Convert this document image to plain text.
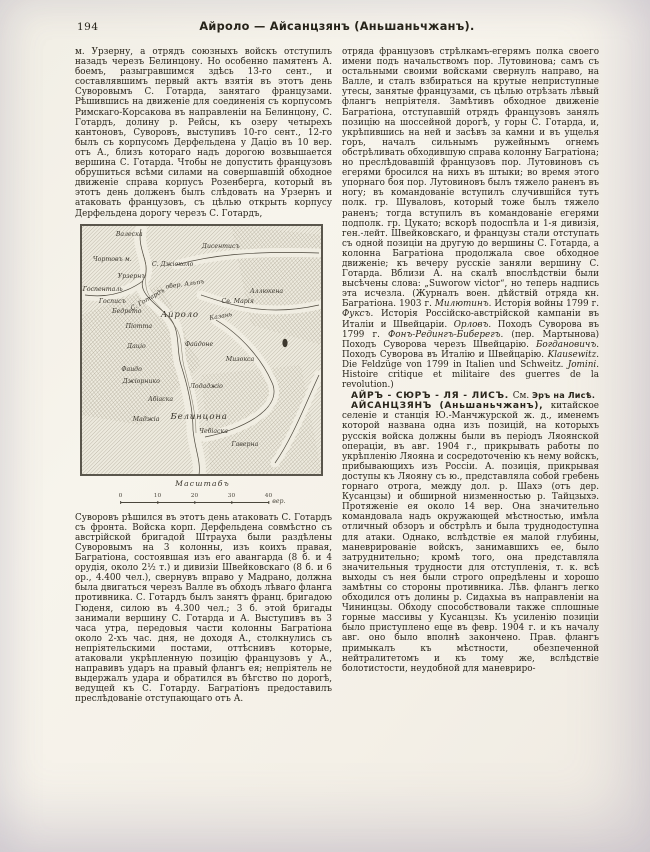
194	Айроло — Айсанцзянъ (Аньшаньчжанъ).

м. Урзерну, а отрядъ союзныхъ войскъ отступилъ назадъ черезъ Белинцону. Но особенно памятенъ А. боемъ, разыгравшимся здѣсь 13-го сент., и составлявшимъ первый актъ взятія въ этотъ день Суворовымъ С. Готарда, занятаго французами. Рѣшившись на движеніе для соединенія съ корпусомъ Римскаго-Корсакова въ направленіи на Белинцону, С. Готардъ, долину р. Рейсы, къ озеру четырехъ кантоновъ, Суворовъ, выступивъ 10-го сент., 12-го былъ съ корпусомъ Дерфельдена у Даціо въ 10 вер. отъ А., близъ котораго надъ дорогою возвышается вершина С. Готарда. Чтобы не допустить французовъ обрушиться всѣми силами на совершавшій обходное движеніе справа корпусъ Розенберга, который въ этотъ день долженъ былъ слѣдовать на Урзернъ и атаковать французовъ, съ цѣлью открыть корпусу Дерфельдена дорогу черезъ С. Готардъ,

Валеска
Дисентисъ
Чортовъ м.
С. Джіоколо
Урзернъ
обер. Альпъ
Госпенталь
Госписъ С. Готардъ	Аллюкена
Св. Марія
Бедрето Айроло Казань
Піотта
Файдоне
Даціо
Мизокса
Фаидо
Джіорнико
Лодаджіо
Абіаска
Маджіа Белинцона
Чебіаска
Гаверна
Масштабъ
0	10	20	30	40
вер.

Суворовъ рѣшился въ этотъ день атаковать С. Готардъ съ фронта. Войска корп. Дерфельдена совмѣстно съ австрійской бригадой Штрауха были раздѣлены Суворовымъ на 3 колонны, изъ коихъ правая, Багратіона, состоявшая изъ его авангарда (8 б. и 4 орудія, около 2½ т.) и дивизіи Швейковскаго (8 б. и 6 ор., 4.400 чел.), свернувъ вправо у Мадрано, должна была двигаться черезъ Валле въ обходъ лѣваго фланга противника. С. Готардъ былъ занятъ франц. бригадою Гюденя, силою въ 4.300 чел.; 3 б. этой бригады занимали вершину С. Готарда и А. Выступивъ въ 3 часа утра, передовыя части колонны Багратіона около 2-хъ час. дня, не доходя А., столкнулись съ непріятельскими постами, оттѣснивъ которые, атаковали укрѣпленную позицію французовъ у А., направивъ ударъ на правый флангъ ея; непріятель не выдержалъ удара и обратился въ бѣгство по дорогѣ, ведущей къ С. Готарду. Багратіонъ предоставилъ преслѣдованіе отступающаго отъ А.

отряда французовъ стрѣлкамъ-егерямъ полка своего имени подъ начальствомъ пор. Лутовинова; самъ съ остальными своими войсками свернулъ направо, на Валле, и сталъ взбираться на крутые неприступные утесы, занятые французами, съ цѣлью отрѣзать лѣвый флангъ непріятеля. Замѣтивъ обходное движеніе Багратіона, отступавшій отрядъ французовъ занялъ позицію на шоссейной дорогѣ, у горы С. Готарда, и, укрѣпившись на ней и засѣвъ за камни и въ ущелья горъ, началъ сильнымъ ружейнымъ огнемъ обстрѣливать обходившую справа колонну Багратіона; но преслѣдовавшій французовъ пор. Лутовиновъ съ егерями бросился на нихъ въ штыки; во время этого упорнаго боя пор. Лутовиновъ былъ тяжело раненъ въ ногу; въ командованіе вступилъ случившійся тутъ полк. гр. Шуваловъ, который тоже былъ тяжело раненъ; тогда вступилъ въ командованіе егерями подполк. гр. Цукато; вскорѣ подоспѣла и 1-я дивизія, ген.-лейт. Швейковскаго, и французы стали отступать съ одной позиціи на другую до вершины С. Готарда, а колонна Багратіона продолжала свое обходное движеніе; къ вечеру русскіе заняли вершину С. Готарда. Вблизи А. на скалѣ впослѣдствіи были высѣчены слова: „Suworow victor“, но теперь надпись эта исчезла. (Журналъ воен. дѣйствій отряда кн. Багратіона. 1903 г. Милютинъ. Исторія войны 1799 г. Фуксъ. Исторія Россійско-австрійской кампаніи въ Италіи и Швейцаріи. Орловъ. Походъ Суворова въ 1799 г. Фонъ-Редингъ-Биберегъ. (пер. Мартынова) Походъ Суворова черезъ Швейцарію. Богдановичъ. Походъ Суворова въ Италію и Швейцарію. Klausewitz. Die Feldzüge von 1799 in Italien und Schweitz. Jomini. Histoire critique et militaire des guerres de la revolution.)

АЙРЪ - СЮРЪ - ЛЯ - ЛИСЪ. См. Эръ на Лисѣ.

АЙСАНЦЗЯНЪ (Аньшаньчжанъ), китайское селеніе и станція Ю.-Манчжурской ж. д., именемъ которой названа одна изъ позицій, на которыхъ русскія войска должны были въ періодъ Ляоянской операціи, въ авг. 1904 г., прикрывать работы по укрѣпленію Ляояна и сосредоточенію къ нему войскъ, прибывающихъ изъ Россіи. А. позиція, прикрывая доступы къ Ляояну съ ю., представляла собой гребень горнаго отрога, между дол. р. Шахэ (отъ дер. Кусанцзы) и обширной низменностью р. Тайцзыхэ. Протяженіе ея около 14 вер. Она значительно командовала надъ окружающей мѣстностью, имѣла отличный обзоръ и обстрѣлъ и была труднодоступна для атаки. Однако, вслѣдствіе ея малой глубины, маневрированіе войскъ, занимавшихъ ее, было затруднительно; кромѣ того, она представляла значительныя трудности для отступленія, т. к. всѣ выходы съ нея были строго опредѣлены и хорошо замѣтны со стороны противника. Лѣв. флангъ легко обходился отъ долины р. Сидахыа въ направленіи на Чининцзы. Обходу способствовали также сплошные горные массивы у Кусанцзы. Къ усиленію позиціи было приступлено еще въ февр. 1904 г. и къ началу авг. оно было вполнѣ закончено. Прав. флангъ примыкалъ къ мѣстности, обезпеченной нейтралитетомъ и къ тому же, вслѣдствіе болотистости, неудобной для маневриро-
